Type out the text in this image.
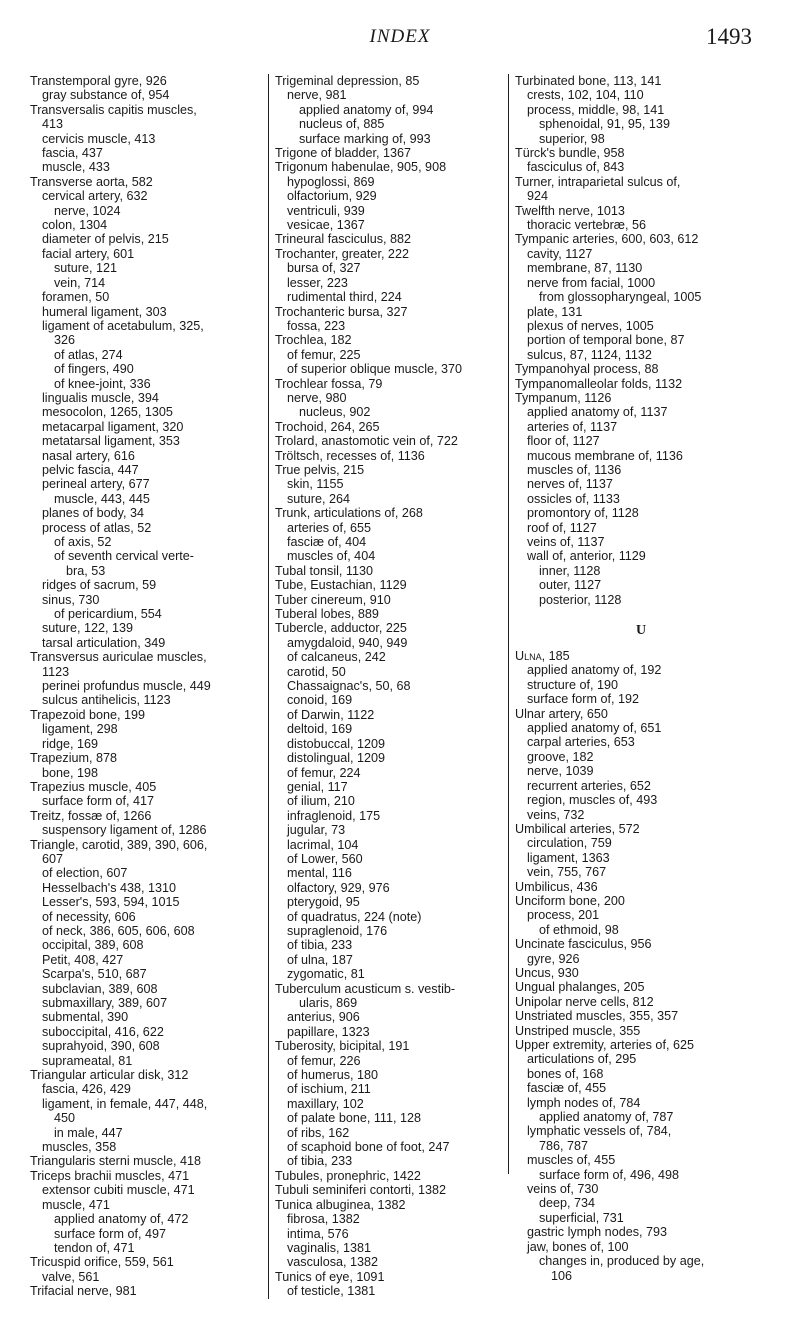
INDEX	1493
Transtemporal gyre, 926
gray substance of, 954
Transversalis capitis muscles,
413
cervicis muscle, 413
fascia, 437
muscle, 433
Transverse aorta, 582
cervical artery, 632
nerve, 1024
colon, 1304
diameter of pelvis, 215
facial artery, 601
suture, 121
vein, 714
foramen, 50
humeral ligament, 303
ligament of acetabulum, 325,
326
of atlas, 274
of fingers, 490
of knee-joint, 336
lingualis muscle, 394
mesocolon, 1265, 1305
metacarpal ligament, 320
metatarsal ligament, 353
nasal artery, 616
pelvic fascia, 447
perineal artery, 677
muscle, 443, 445
planes of body, 34
process of atlas, 52
of axis, 52
of seventh cervical verte-
bra, 53
ridges of sacrum, 59
sinus, 730
of pericardium, 554
suture, 122, 139
tarsal articulation, 349
Transversus auriculae muscles,
1123
perinei profundus muscle, 449
sulcus antihelicis, 1123
Trapezoid bone, 199
ligament, 298
ridge, 169
Trapezium, 878
bone, 198
Trapezius muscle, 405
surface form of, 417
Treitz, fossæ of, 1266
suspensory ligament of, 1286
Triangle, carotid, 389, 390, 606,
607
of election, 607
Hesselbach's 438, 1310
Lesser's, 593, 594, 1015
of necessity, 606
of neck, 386, 605, 606, 608
occipital, 389, 608
Petit, 408, 427
Scarpa's, 510, 687
subclavian, 389, 608
submaxillary, 389, 607
submental, 390
suboccipital, 416, 622
suprahyoid, 390, 608
suprameatal, 81
Triangular articular disk, 312
fascia, 426, 429
ligament, in female, 447, 448,
450
in male, 447
muscles, 358
Triangularis sterni muscle, 418
Triceps brachii muscles, 471
extensor cubiti muscle, 471
muscle, 471
applied anatomy of, 472
surface form of, 497
tendon of, 471
Tricuspid orifice, 559, 561
valve, 561
Trifacial nerve, 981
Trigeminal depression, 85
nerve, 981
applied anatomy of, 994
nucleus of, 885
surface marking of, 993
Trigone of bladder, 1367
Trigonum habenulae, 905, 908
hypoglossi, 869
olfactorium, 929
ventriculi, 939
vesicae, 1367
Trineural fasciculus, 882
Trochanter, greater, 222
bursa of, 327
lesser, 223
rudimental third, 224
Trochanteric bursa, 327
fossa, 223
Trochlea, 182
of femur, 225
of superior oblique muscle, 370
Trochlear fossa, 79
nerve, 980
nucleus, 902
Trochoid, 264, 265
Trolard, anastomotic vein of, 722
Tröltsch, recesses of, 1136
True pelvis, 215
skin, 1155
suture, 264
Trunk, articulations of, 268
arteries of, 655
fasciæ of, 404
muscles of, 404
Tubal tonsil, 1130
Tube, Eustachian, 1129
Tuber cinereum, 910
Tuberal lobes, 889
Tubercle, adductor, 225
amygdaloid, 940, 949
of calcaneus, 242
carotid, 50
Chassaignac's, 50, 68
conoid, 169
of Darwin, 1122
deltoid, 169
distobuccal, 1209
distolingual, 1209
of femur, 224
genial, 117
of ilium, 210
infraglenoid, 175
jugular, 73
lacrimal, 104
of Lower, 560
mental, 116
olfactory, 929, 976
pterygoid, 95
of quadratus, 224 (note)
supraglenoid, 176
of tibia, 233
of ulna, 187
zygomatic, 81
Tuberculum acusticum s. vestib-
ularis, 869
anterius, 906
papillare, 1323
Tuberosity, bicipital, 191
of femur, 226
of humerus, 180
of ischium, 211
maxillary, 102
of palate bone, 111, 128
of ribs, 162
of scaphoid bone of foot, 247
of tibia, 233
Tubules, pronephric, 1422
Tubuli seminiferi contorti, 1382
Tunica albuginea, 1382
fibrosa, 1382
intima, 576
vaginalis, 1381
vasculosa, 1382
Tunics of eye, 1091
of testicle, 1381
Turbinated bone, 113, 141
crests, 102, 104, 110
process, middle, 98, 141
sphenoidal, 91, 95, 139
superior, 98
Türck's bundle, 958
fasciculus of, 843
Turner, intraparietal sulcus of,
924
Twelfth nerve, 1013
thoracic vertebræ, 56
Tympanic arteries, 600, 603, 612
cavity, 1127
membrane, 87, 1130
nerve from facial, 1000
from glossopharyngeal, 1005
plate, 131
plexus of nerves, 1005
portion of temporal bone, 87
sulcus, 87, 1124, 1132
Tympanohyal process, 88
Tympanomalleolar folds, 1132
Tympanum, 1126
applied anatomy of, 1137
arteries of, 1137
floor of, 1127
mucous membrane of, 1136
muscles of, 1136
nerves of, 1137
ossicles of, 1133
promontory of, 1128
roof of, 1127
veins of, 1137
wall of, anterior, 1129
inner, 1128
outer, 1127
posterior, 1128
U
Ulna, 185
applied anatomy of, 192
structure of, 190
surface form of, 192
Ulnar artery, 650
applied anatomy of, 651
carpal arteries, 653
groove, 182
nerve, 1039
recurrent arteries, 652
region, muscles of, 493
veins, 732
Umbilical arteries, 572
circulation, 759
ligament, 1363
vein, 755, 767
Umbilicus, 436
Unciform bone, 200
process, 201
of ethmoid, 98
Uncinate fasciculus, 956
gyre, 926
Uncus, 930
Ungual phalanges, 205
Unipolar nerve cells, 812
Unstriated muscles, 355, 357
Unstriped muscle, 355
Upper extremity, arteries of, 625
articulations of, 295
bones of, 168
fasciæ of, 455
lymph nodes of, 784
applied anatomy of, 787
lymphatic vessels of, 784,
786, 787
muscles of, 455
surface form of, 496, 498
veins of, 730
deep, 734
superficial, 731
gastric lymph nodes, 793
jaw, bones of, 100
changes in, produced by age,
106
